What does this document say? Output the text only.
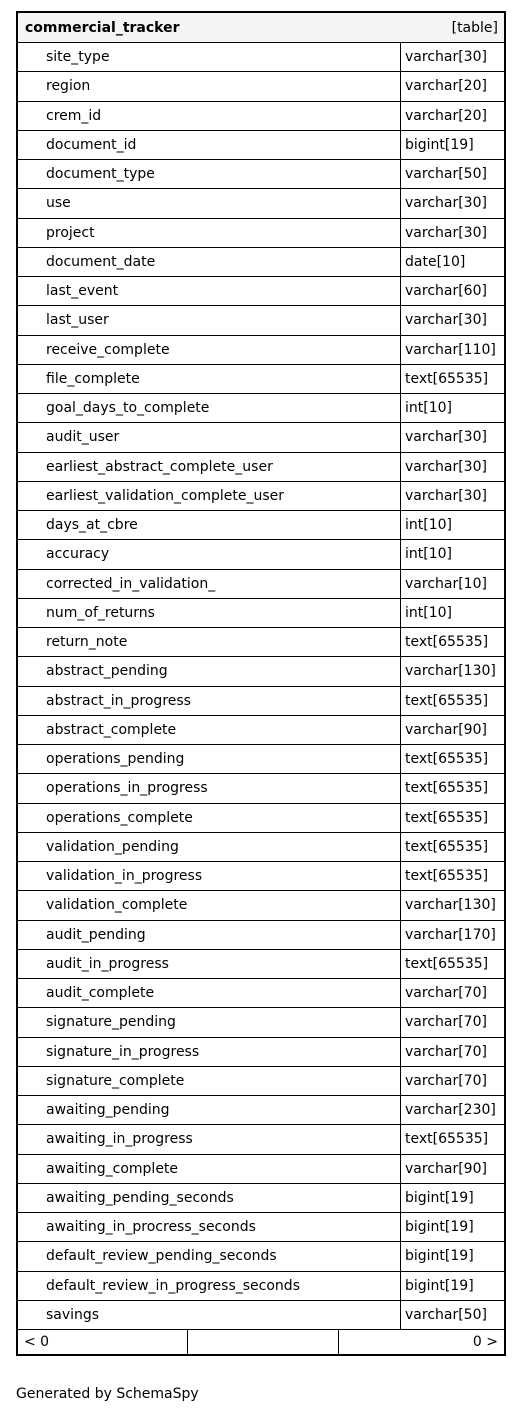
commercial_tracker	[table]
site_type	varchar[30]
region	varchar[20]
crem_id	varchar[20]
document_id	bigint[19]
document_type	varchar[50]
use	varchar[30]
project	varchar[30]
document_date	date[10]
last_event	varchar[60]
last_user	varchar[30]
receive_complete	varchar[110]
file_complete	text[65535]
goal_days_to_complete	int[10]
audit_user	varchar[30]
earliest_abstract_complete_user	varchar[30]
earliest_validation_complete_user	varchar[30]
days_at_cbre	int[10]
accuracy	int[10]
corrected_in_validation_	varchar[10]
num_of_returns	int[10]
return_note	text[65535]
abstract_pending	varchar[130]
abstract_in_progress	text[65535]
abstract_complete	varchar[90]
operations_pending	text[65535]
operations_in_progress	text[65535]
operations_complete	text[65535]
validation_pending	text[65535]
validation_in_progress	text[65535]
validation_complete	varchar[130]
audit_pending	varchar[170]
audit_in_progress	text[65535]
audit_complete	varchar[70]
signature_pending	varchar[70]
signature_in_progress	varchar[70]
signature_complete	varchar[70]
awaiting_pending	varchar[230]
awaiting_in_progress	text[65535]
awaiting_complete	varchar[90]
awaiting_pending_seconds	bigint[19]
awaiting_in_procress_seconds	bigint[19]
default_review_pending_seconds	bigint[19]
default_review_in_progress_seconds	bigint[19]
savings	varchar[50]
< 0	0 >
Generated by SchemaSpy
